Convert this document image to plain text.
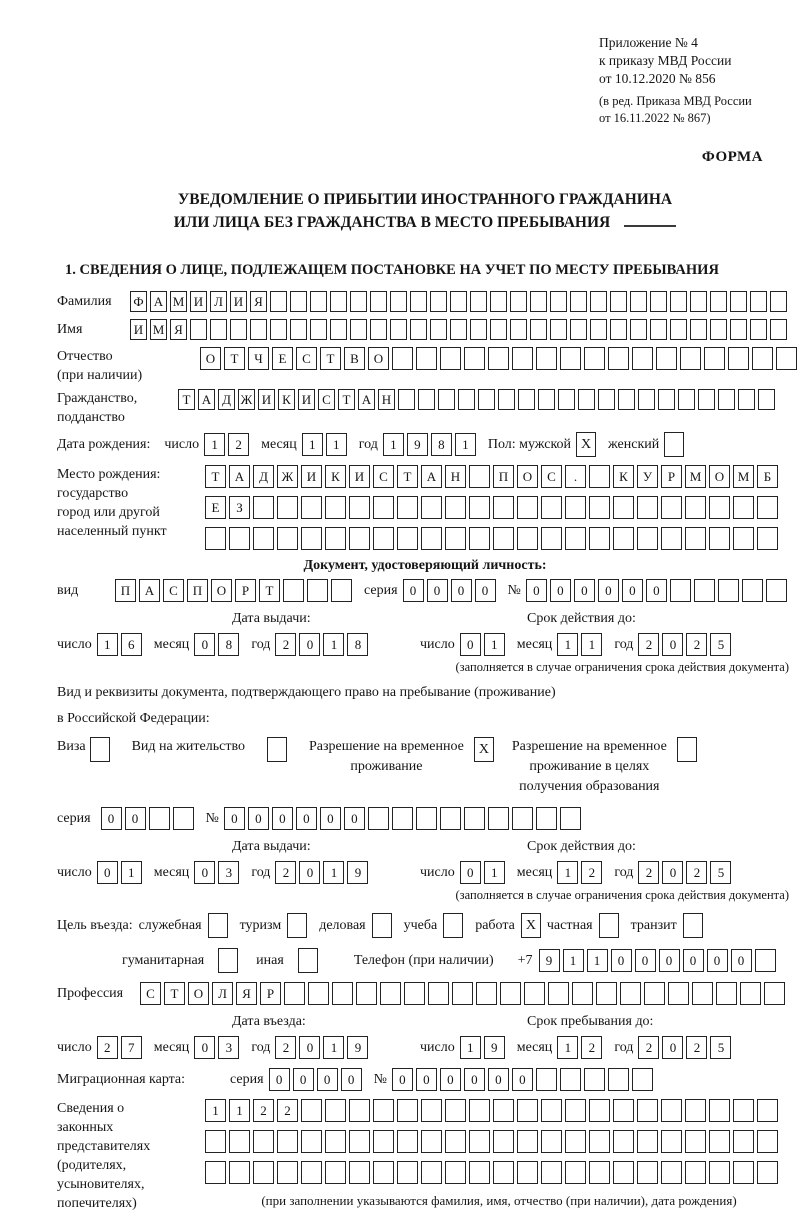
Приложение № 4
к приказу МВД России
от 10.12.2020 № 856
(в ред. Приказа МВД России
от 16.11.2022 № 867)
ФОРМА
УВЕДОМЛЕНИЕ О ПРИБЫТИИ ИНОСТРАННОГО ГРАЖДАНИНА
ИЛИ ЛИЦА БЕЗ ГРАЖДАНСТВА В МЕСТО ПРЕБЫВАНИЯ
1. СВЕДЕНИЯ О ЛИЦЕ, ПОДЛЕЖАЩЕМ ПОСТАНОВКЕ НА УЧЕТ ПО МЕСТУ ПРЕБЫВАНИЯ
Фамилия	Ф А М И Л И Я
Имя	И М Я
Отчество
(при наличии)
О	Т	Ч	Е	С	Т	В	О
Гражданство,
подданство
Т А Д Ж И К И С Т А Н
Дата рождения: число 1	2	месяц 1	1	год 1	9	8	1	Пол: мужской X	женский
Место рождения:
государство
город или другой
населенный пункт
Т	А	Д	Ж	И	К	И	С	Т	А	Н	П	О	С	.	К	У	Р	М	О	М	Б
Е	З
Документ, удостоверяющий личность:
вид	П	А	С	П	О	Р	Т	серия 0	0	0	0	№ 0	0	0	0	0	0
Дата выдачи:	Срок действия до:
число 1	6	месяц 0	8	год 2	0	1	8	число 0	1	месяц 1	1	год 2	0	2	5
(заполняется в случае ограничения срока действия документа)
Вид и реквизиты документа, подтверждающего право на пребывание (проживание)
в Российской Федерации:
Виза	Вид на жительство	Разрешение на временное
проживание
X	Разрешение на временное
проживание в целях
получения образования
серия	0	0	№ 0	0	0	0	0	0
Дата выдачи:	Срок действия до:
число 0	1	месяц 0	3	год 2	0	1	9	число 0	1	месяц 1	2	год 2	0	2	5
(заполняется в случае ограничения срока действия документа)
Цель въезда: служебная	туризм	деловая	учеба	работа X частная	транзит
гуманитарная	иная	Телефон (при наличии) +7	9	1	1	0	0	0	0	0	0
Профессия	С	Т	О	Л	Я	Р
Дата въезда:	Срок пребывания до:
число 2	7	месяц 0	3	год 2	0	1	9	число 1	9	месяц 1	2	год 2	0	2	5
Миграционная карта:	серия 0	0	0	0	№ 0	0	0	0	0	0
Сведения о
законных
представителях
(родителях,
усыновителях,
попечителях)
1	1	2	2
(при заполнении указываются фамилия, имя, отчество (при наличии), дата рождения)
